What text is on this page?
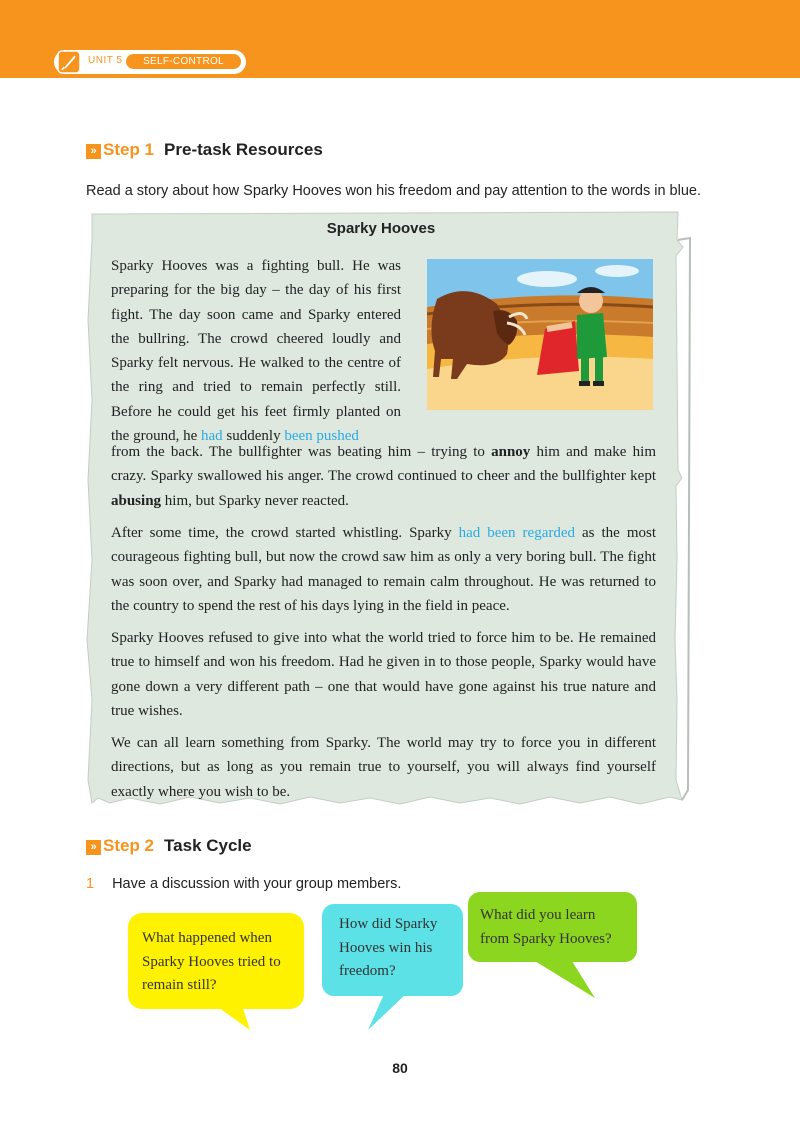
UNIT 5	SELF-CONTROL
» Step 1 Pre-task Resources
Read a story about how Sparky Hooves won his freedom and pay attention to the words in blue.
Sparky Hooves
Sparky Hooves was a fighting bull. He was preparing for the big day – the day of his first fight. The day soon came and Sparky entered the bullring. The crowd cheered loudly and Sparky felt nervous. He walked to the centre of the ring and tried to remain perfectly still. Before he could get his feet firmly planted on the ground, he had suddenly been pushed
from the back. The bullfighter was beating him – trying to annoy him and make him crazy. Sparky swallowed his anger. The crowd continued to cheer and the bullfighter kept abusing him, but Sparky never reacted.

After some time, the crowd started whistling. Sparky had been regarded as the most courageous fighting bull, but now the crowd saw him as only a very boring bull. The fight was soon over, and Sparky had managed to remain calm throughout. He was returned to the country to spend the rest of his days lying in the field in peace.

Sparky Hooves refused to give into what the world tried to force him to be. He remained true to himself and won his freedom. Had he given in to those people, Sparky would have gone down a very different path – one that would have gone against his true nature and true wishes.

We can all learn something from Sparky. The world may try to force you in different directions, but as long as you remain true to yourself, you will always find yourself exactly where you wish to be.

» Step 2 Task Cycle
1 Have a discussion with your group members.
What happened when Sparky Hooves tried to remain still?
How did Sparky Hooves win his freedom?
What did you learn from Sparky Hooves?
80
